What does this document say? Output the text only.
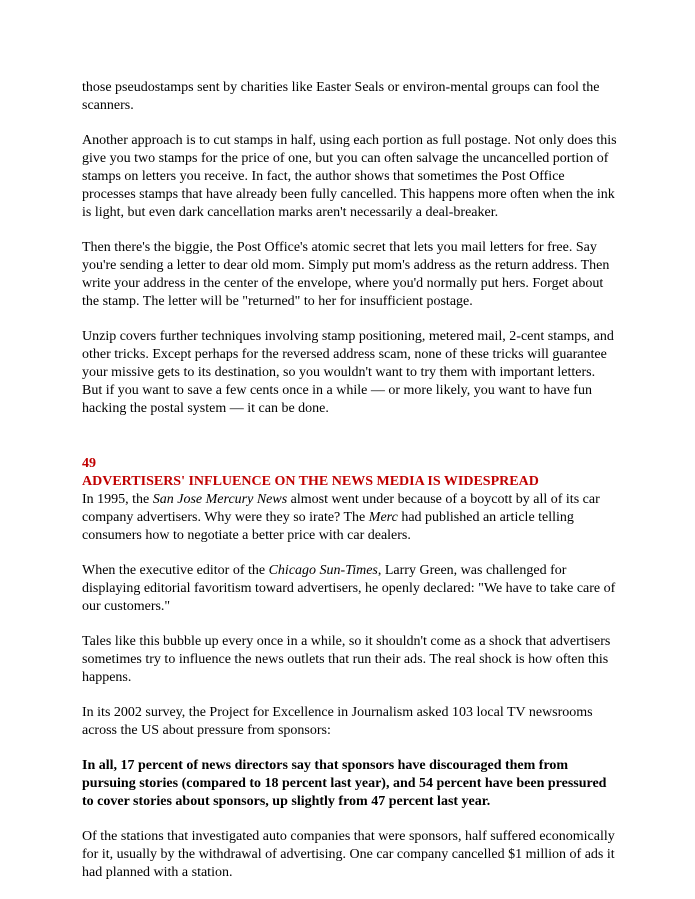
those pseudostamps sent by charities like Easter Seals or environ-mental groups can fool the scanners.

Another approach is to cut stamps in half, using each portion as full postage. Not only does this give you two stamps for the price of one, but you can often salvage the uncancelled portion of stamps on letters you receive. In fact, the author shows that sometimes the Post Office processes stamps that have already been fully cancelled. This happens more often when the ink is light, but even dark cancellation marks aren't necessarily a deal-breaker.

Then there's the biggie, the Post Office's atomic secret that lets you mail letters for free. Say you're sending a letter to dear old mom. Simply put mom's address as the return address. Then write your address in the center of the envelope, where you'd normally put hers. Forget about the stamp. The letter will be "returned" to her for insufficient postage.

Unzip covers further techniques involving stamp positioning, metered mail, 2-cent stamps, and other tricks. Except perhaps for the reversed address scam, none of these tricks will guarantee your missive gets to its destination, so you wouldn't want to try them with important letters. But if you want to save a few cents once in a while — or more likely, you want to have fun hacking the postal system — it can be done.

49
ADVERTISERS' INFLUENCE ON THE NEWS MEDIA IS WIDESPREAD

In 1995, the San Jose Mercury News almost went under because of a boycott by all of its car company advertisers. Why were they so irate? The Merc had published an article telling consumers how to negotiate a better price with car dealers.

When the executive editor of the Chicago Sun-Times, Larry Green, was challenged for displaying editorial favoritism toward advertisers, he openly declared: "We have to take care of our customers."

Tales like this bubble up every once in a while, so it shouldn't come as a shock that advertisers sometimes try to influence the news outlets that run their ads. The real shock is how often this happens.

In its 2002 survey, the Project for Excellence in Journalism asked 103 local TV newsrooms across the US about pressure from sponsors:

In all, 17 percent of news directors say that sponsors have discouraged them from pursuing stories (compared to 18 percent last year), and 54 percent have been pressured to cover stories about sponsors, up slightly from 47 percent last year.

Of the stations that investigated auto companies that were sponsors, half suffered economically for it, usually by the withdrawal of advertising. One car company cancelled $1 million of ads it had planned with a station.
